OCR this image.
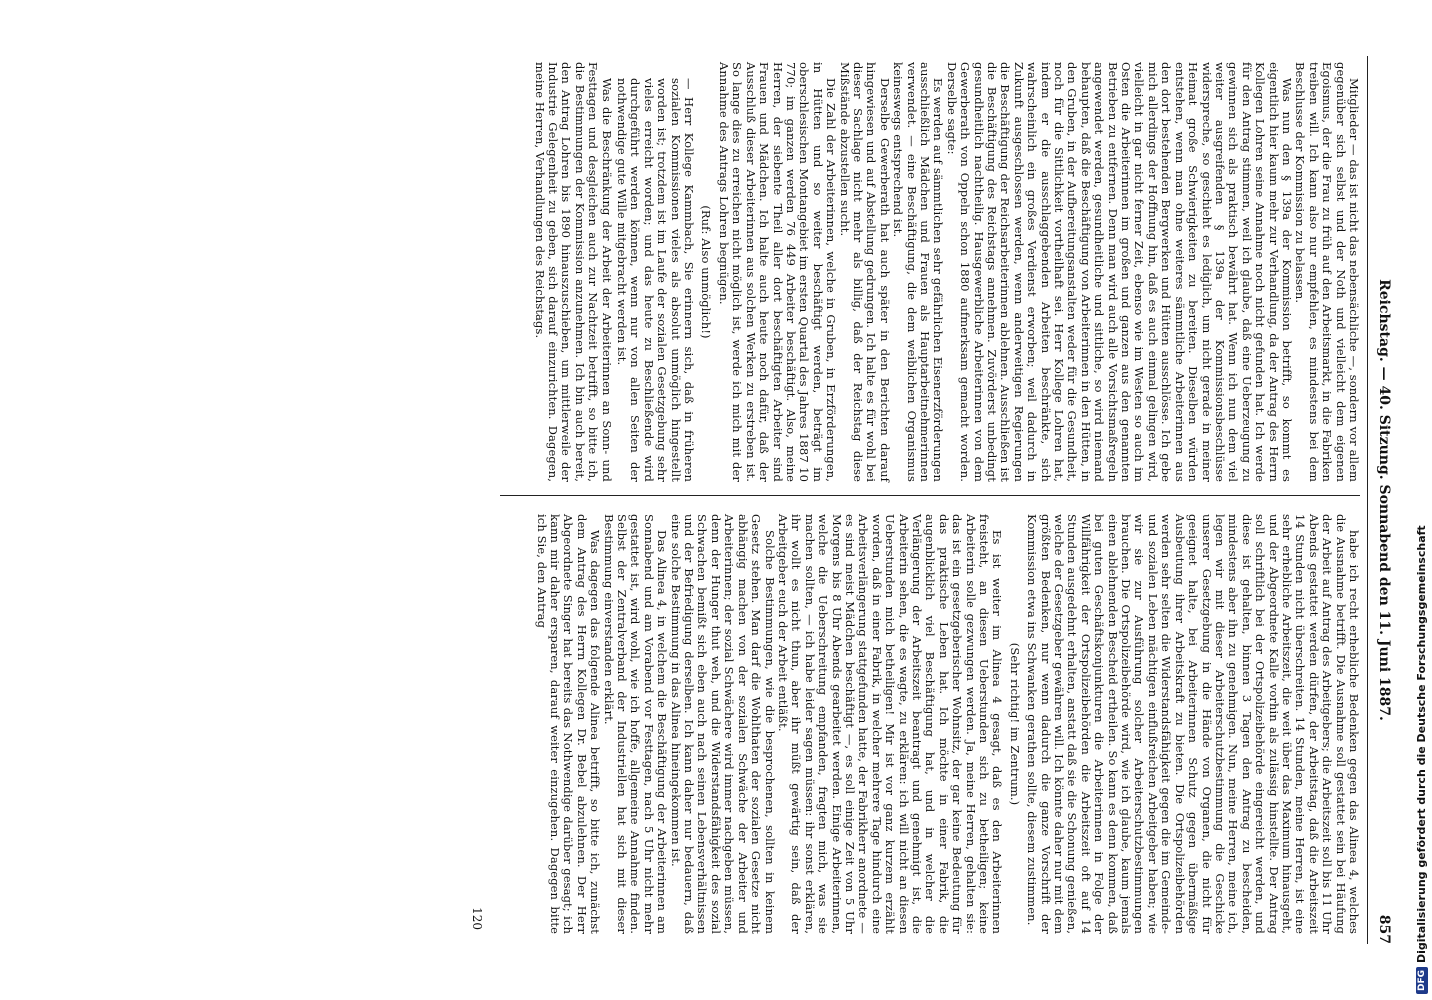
Reichstag. — 40. Sitzung. Sonnabend den 11. Juni 1887.
857

Mitglieder — das ist nicht das nebensächliche —, sondern vor allem gegenüber sich selbst und der Noth und vielleicht dem eigenen Egoismus, der die Frau zu früh auf den Arbeitsmarkt, in die Fabriken treiben will. Ich kann also nur empfehlen, es mindestens bei dem Beschlusse der Kommission zu belassen.

Was nun den § 139a der Kommission betrifft, so kommt es eigentlich hier kaum mehr zur Verhandlung, da der Antrag des Herrn Kollegen Lohren seine Annahme noch nicht gefunden hat. Ich werde für den Antrag stimmen, weil ich glaube, daß eine Ueberzeugung zu gewinnen sich als praktisch bewährt hat. Wenn ich nun dem viel weiter ausgreifenden § 139a der Kommissionsbeschlüsse widerspreche, so geschieht es lediglich, um nicht gerade in meiner Heimat große Schwierigkeiten zu bereiten. Dieselben würden entstehen, wenn man ohne weiteres sämmtliche Arbeiterinnen aus den dort bestehenden Bergwerken und Hütten ausschlösse. Ich gebe mich allerdings der Hoffnung hin, daß es auch einmal gelingen wird, vielleicht in gar nicht ferner Zeit, ebenso wie im Westen so auch im Osten die Arbeiterinnen im großen und ganzen aus den genannten Betrieben zu entfernen. Denn man wird auch alle Vorsichtsmaßregeln angewendet werden, gesundheitliche und sittliche, so wird niemand behaupten, daß die Beschäftigung von Arbeiterinnen in den Hütten, in den Gruben, in der Aufbereitungsanstalten weder für die Gesundheit, noch für die Sittlichkeit vortheilhaft sei. Herr Kollege Lohren hat, indem er die ausschlaggebenden Arbeiten beschränkte, sich wahrscheinlich ein großes Verdienst erworben; weil dadurch in Zukunft ausgeschlossen werden, wenn anderweitigen Regierungen die Beschäftigung der Reichsarbeiterinnen ablehnen. Ausschließen ist die Beschäftigung des Reichstags annehmen. Zuvörderst unbedingt gesundheitlich nachtheilig. Hausgewerbliche Arbeiterinnen von dem Gewerberath von Oppeln schon 1880 aufmerksam gemacht worden. Derselbe sagte:

Es werden auf sämmtlichen sehr gefährlichen Eisenerzförderungen ausschließlich Mädchen und Frauen als Hauptarbeitnehmerinnen verwendet. — eine Beschäftigung, die dem weiblichen Organismus keineswegs entsprechend ist.

Derselbe Gewerberath hat auch später in den Berichten darauf hingewiesen und auf Abstellung gedrungen. Ich halte es für wohl bei dieser Sachlage nicht mehr als billig, daß der Reichstag diese Mißstände abzustellen sucht.

Die Zahl der Arbeiterinnen, welche in Gruben, in Erzförderungen, in Hütten und so weiter beschäftigt werden, beträgt im oberschlesischen Montangebiet im ersten Quartal des Jahres 1887 10 770; im ganzen werden 76 449 Arbeiter beschäftigt. Also, meine Herren, der siebente Theil aller dort beschäftigten Arbeiter sind Frauen und Mädchen. Ich halte auch heute noch dafür, daß der Ausschluß dieser Arbeiterinnen aus solchen Werken zu erstreben ist. So lange dies zu erreichen nicht möglich ist, werde ich mich mit der Annahme des Antrags Lohren begnügen.

(Ruf: Also unmöglich!)

— Herr Kollege Kammbach, Sie erinnern sich, daß in früheren sozialen Kommissionen vieles als absolut unmöglich hingestellt worden ist; trotzdem ist im Laufe der sozialen Gesetzgebung sehr vieles erreicht worden; und das heute zu Beschließende wird durchgeführt werden können, wenn nur von allen Seiten der nothwendige gute Wille mitgebracht werden ist.

Was die Beschränkung der Arbeit der Arbeiterinnen an Sonn- und Festtagen und desgleichen auch zur Nachtzeit betrifft, so bitte ich, die Bestimmungen der Kommission anzunehmen. Ich bin auch bereit, den Antrag Lohren bis 1890 hinauszuschieben, um mittlerweile der Industrie Gelegenheit zu geben, sich darauf einzurichten. Dagegen, meine Herren, Verhandlungen des Reichstags.

habe ich recht erhebliche Bedenken gegen das Alinea 4, welches die Ausnahme betrifft. Die Ausnahme soll gestattet sein bei Häufung der Arbeit auf Antrag des Arbeitgebers; die Arbeitszeit soll bis 11 Uhr Abends gestattet werden dürfen, der Arbeitstag, daß die Arbeitszeit 14 Stunden nicht überschreiten. 14 Stunden, meine Herren, ist eine sehr erhebliche Arbeitszeit, die weit über das Maximum hinausgeht, und der Abgeordnete Kalle vorhin als zulässig hinstellte. Der Antrag soll schriftlich bei der Ortspolizeibehörde eingereicht werden, und diese ist gehalten, binnen 3 Tagen den Antrag zu bescheiden, mindestens aber ihn zu genehmigen. Nun, meine Herren, meine ich, legen wir mit dieser Arbeiterschutzbestimmung die Geschicke unserer Gesetzgebung in die Hände von Organen, die nicht für geeignet halte, bei Arbeiterinnen Schutz gegen übermäßige Ausbeutung ihrer Arbeitskraft zu bieten. Die Ortspolizeibehörden werden sehr selten die Widerstandsfähigkeit gegen die im Gemeinde- und sozialen Leben mächtigen einflußreichen Arbeitgeber haben; wie wir sie zur Ausführung solcher Arbeiterschutzbestimmungen brauchen. Die Ortspolizeibehörde wird, wie ich glaube, kaum jemals einen ablehnenden Bescheid ertheilen. So kann es denn kommen, daß bei guten Geschäftskonjunkturen die Arbeiterinnen in Folge der Willfährigkeit der Ortspolizeibehörden die Arbeitszeit oft auf 14 Stunden ausgedehnt erhalten, anstatt daß sie die Schonung genießen, welche der Gesetzgeber gewähren will. Ich könnte daher nur mit dem größten Bedenken, nur wenn dadurch die ganze Vorschrift der Kommission etwa ins Schwanken gerathen sollte, diesem zustimmen.

(Sehr richtig! im Zentrum.)

Es ist weiter im Alinea 4 gesagt, daß es den Arbeiterinnen freisteht, an diesen Ueberstunden sich zu betheiligen; keine Arbeiterin solle gezwungen werden. Ja, meine Herren, gehalten sie: das ist ein gesetzgeberischer Wohnsitz, der gar keine Bedeutung für das praktische Leben hat. Ich möchte in einer Fabrik, die augenblicklich viel Beschäftigung hat, und in welcher die Verlängerung der Arbeitszeit beantragt und genehmigt ist, die Arbeiterin sehen, die es wagte, zu erklären: ich will nicht an diesen Ueberstunden mich betheiligen! Mir ist vor ganz kurzem erzählt worden, daß in einer Fabrik, in welcher mehrere Tage hindurch eine Arbeitsverlängerung stattgefunden hatte, der Fabrikherr anordnete — es sind meist Mädchen beschäftigt —, es soll einige Zeit von 5 Uhr Morgens bis 8 Uhr Abends gearbeitet werden. Einige Arbeiterinnen, welche die Ueberschreitung empfanden, fragten mich, was sie machen sollten, — ich habe leider sagen müssen: ihr sonst erklären, ihr wollt es nicht thun, aber ihr müßt gewärtig sein, daß der Arbeitgeber euch der Arbeit entläßt.

Solche Bestimmungen, wie die besprochenen, sollten in keinem Gesetz stehen. Man darf die Wohlthaten der sozialen Gesetze nicht abhängig machen von der sozialen Schwäche der Arbeiter und Arbeiterinnen; der sozial Schwächere wird immer nachgeben müssen, denn der Hunger thut weh, und die Widerstandsfähigkeit des sozial Schwachen bemißt sich eben auch nach seinen Lebensverhältnissen und der Befriedigung derselben. Ich kann daher nur bedauern, daß eine solche Bestimmung in das Alinea hineingekommen ist.

Das Alinea 4, in welchem die Beschäftigung der Arbeiterinnen am Sonnabend und am Vorabend vor Festtagen, nach 5 Uhr nicht mehr gestattet ist, wird wohl, wie ich hoffe, allgemeine Annahme finden. Selbst der Zentralverband der Industriellen hat sich mit dieser Bestimmung einverstanden erklärt.

Was dagegen das folgende Alinea betrifft, so bitte ich, zunächst dem Antrag des Herrn Kollegen Dr. Bebel abzulehnen. Der Herr Abgeordnete Singer hat bereits das Nothwendige darüber gesagt; ich kann mir daher ersparen, darauf weiter einzugehen. Dagegen bitte ich Sie, den Antrag

120
DFGDigitalisierung gefördert durch die Deutsche Forschungsgemeinschaft
